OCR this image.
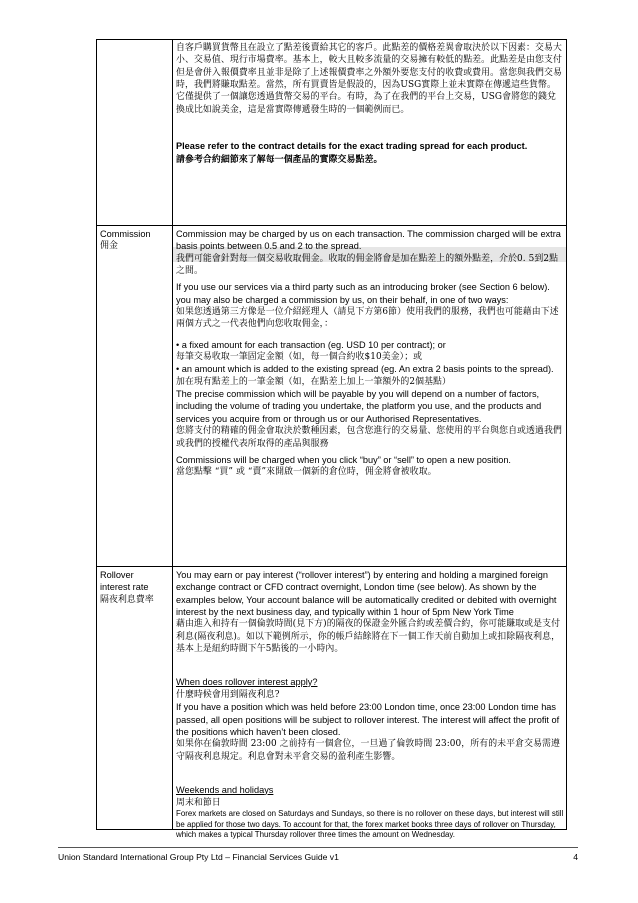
自客戶購買貨幣且在設立了點差後賣給其它的客戶。此點差的價格差異會取決於以下因素：交易大小、交易值、現行市場費率。基本上，較大且較多流量的交易擁有較低的點差。此點差是由您支付但是會併入報價費率且並非是除了上述報價費率之外額外要您支付的收費或費用。當您與我們交易時，我們將賺取點差。當然，所有買賣皆是假設的，因為USG實際上並未實際在傳遞這些貨幣。它僅提供了一個讓您透過貨幣交易的平台。有時，為了在我們的平台上交易，USG會將您的錢兌換成比如說美金，這是當實際傳遞發生時的一個範例而已。

Please refer to the contract details for the exact trading spread for each product.
請參考合約細節來了解每一個產品的實際交易點差。

Commission

佣金

Commission may be charged by us on each transaction. The commission charged will be extra basis points between 0.5 and 2 to the spread.

我們可能會針對每一個交易收取佣金。收取的佣金將會是加在點差上的額外點差，介於0. 5到2點之間。

If you use our services via a third party such as an introducing broker (see Section 6 below). you may also be charged a commission by us, on their behalf, in one of two ways:

如果您透過第三方像是一位介紹經理人（請見下方第6節）使用我們的服務，我們也可能藉由下述兩個方式之一代表他們向您收取佣金，：

• a fixed amount for each transaction (eg. USD 10 per contract); or

每筆交易收取一筆固定金額（如，每一個合約收$10美金）；或

• an amount which is added to the existing spread (eg. An extra 2 basis points to the spread).

加在現有點差上的一筆金額（如，在點差上加上一筆額外的2個基點）

The precise commission which will be payable by you will depend on a number of factors, including the volume of trading you undertake, the platform you use, and the products and services you acquire from or through us or our Authorised Representatives.

您將支付的精確的佣金會取決於數種因素，包含您進行的交易量、您使用的平台與您自或透過我們或我們的授權代表所取得的產品與服務

Commissions will be charged when you click “buy” or “sell” to open a new position.

當您點擊 “買” 或 “賣”來開啟一個新的倉位時，佣金將會被收取。

Rollover

interest rate

隔夜利息費率

You may earn or pay interest (“rollover interest”) by entering and holding a margined foreign exchange contract or CFD contract overnight, London time (see below). As shown by the examples below, Your account balance will be automatically credited or debited with overnight interest by the next business day, and typically within 1 hour of 5pm New York Time

藉由進入和持有一個倫敦時間(見下方)的隔夜的保證金外匯合約或差價合約，你可能賺取或是支付利息(隔夜利息)。如以下範例所示，你的帳戶結餘將在下一個工作天前自動加上或扣除隔夜利息，基本上是紐約時間下午5點後的一小時內。

When does rollover interest apply?
什麼時候會用到隔夜利息?

If you have a position which was held before 23:00 London time, once 23:00 London time has passed, all open positions will be subject to rollover interest. The interest will affect the profit of the positions which haven’t been closed.

如果你在倫敦時間 23:00 之前持有一個倉位，一旦過了倫敦時間 23:00，所有的未平倉交易需遵守隔夜利息規定。利息會對未平倉交易的盈利產生影響。

Weekends and holidays
周末和節日

Forex markets are closed on Saturdays and Sundays, so there is no rollover on these days, but interest will still be applied for those two days. To account for that, the forex market books three days of rollover on Thursday, which makes a typical Thursday rollover three times the amount on Wednesday.

Union Standard International Group Pty Ltd – Financial Services Guide v1	4
